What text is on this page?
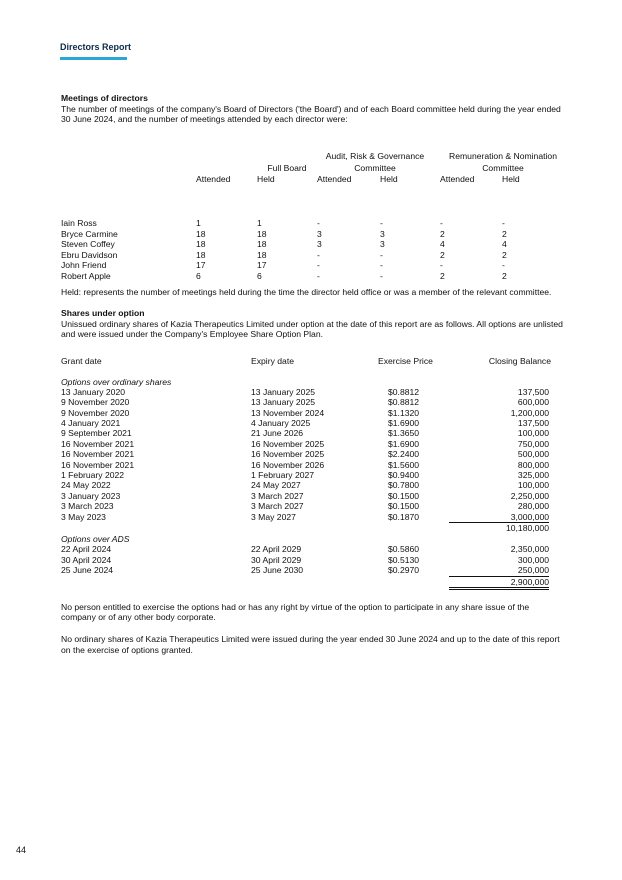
Directors Report

Meetings of directors

The number of meetings of the company's Board of Directors ('the Board') and of each Board committee held during the year ended 30 June 2024, and the number of meetings attended by each director were:

Full Board
Audit, Risk & Governance
Committee
Remuneration & Nomination
Committee
Attended	Held	Attended	Held	Attended	Held
Iain Ross	1	1	-	-	-	-
Bryce Carmine	18	18	3	3	2	2
Steven Coffey	18	18	3	3	4	4
Ebru Davidson	18	18	-	-	2	2
John Friend	17	17	-	-	-	-
Robert Apple	6	6	-	-	2	2

Held: represents the number of meetings held during the time the director held office or was a member of the relevant committee.

Shares under option

Unissued ordinary shares of Kazia Therapeutics Limited under option at the date of this report are as follows. All options are unlisted and were issued under the Company's Employee Share Option Plan.

Grant date	Expiry date	Exercise Price	Closing Balance
Options over ordinary shares
13 January 2020	13 January 2025	$0.8812	137,500
9 November 2020	13 January 2025	$0.8812	600,000
9 November 2020	13 November 2024	$1.1320	1,200,000
4 January 2021	4 January 2025	$1.6900	137,500
9 September 2021	21 June 2026	$1.3650	100,000
16 November 2021	16 November 2025	$1.6900	750,000
16 November 2021	16 November 2025	$2.2400	500,000
16 November 2021	16 November 2026	$1.5600	800,000
1 February 2022	1 February 2027	$0.9400	325,000
24 May 2022	24 May 2027	$0.7800	100,000
3 January 2023	3 March 2027	$0.1500	2,250,000
3 March 2023	3 March 2027	$0.1500	280,000
3 May 2023	3 May 2027	$0.1870	3,000,000
10,180,000
Options over ADS
22 April 2024	22 April 2029	$0.5860	2,350,000
30 April 2024	30 April 2029	$0.5130	300,000
25 June 2024	25 June 2030	$0.2970	250,000
2,900,000

No person entitled to exercise the options had or has any right by virtue of the option to participate in any share issue of the company or of any other body corporate.

No ordinary shares of Kazia Therapeutics Limited were issued during the year ended 30 June 2024 and up to the date of this report on the exercise of options granted.

44
